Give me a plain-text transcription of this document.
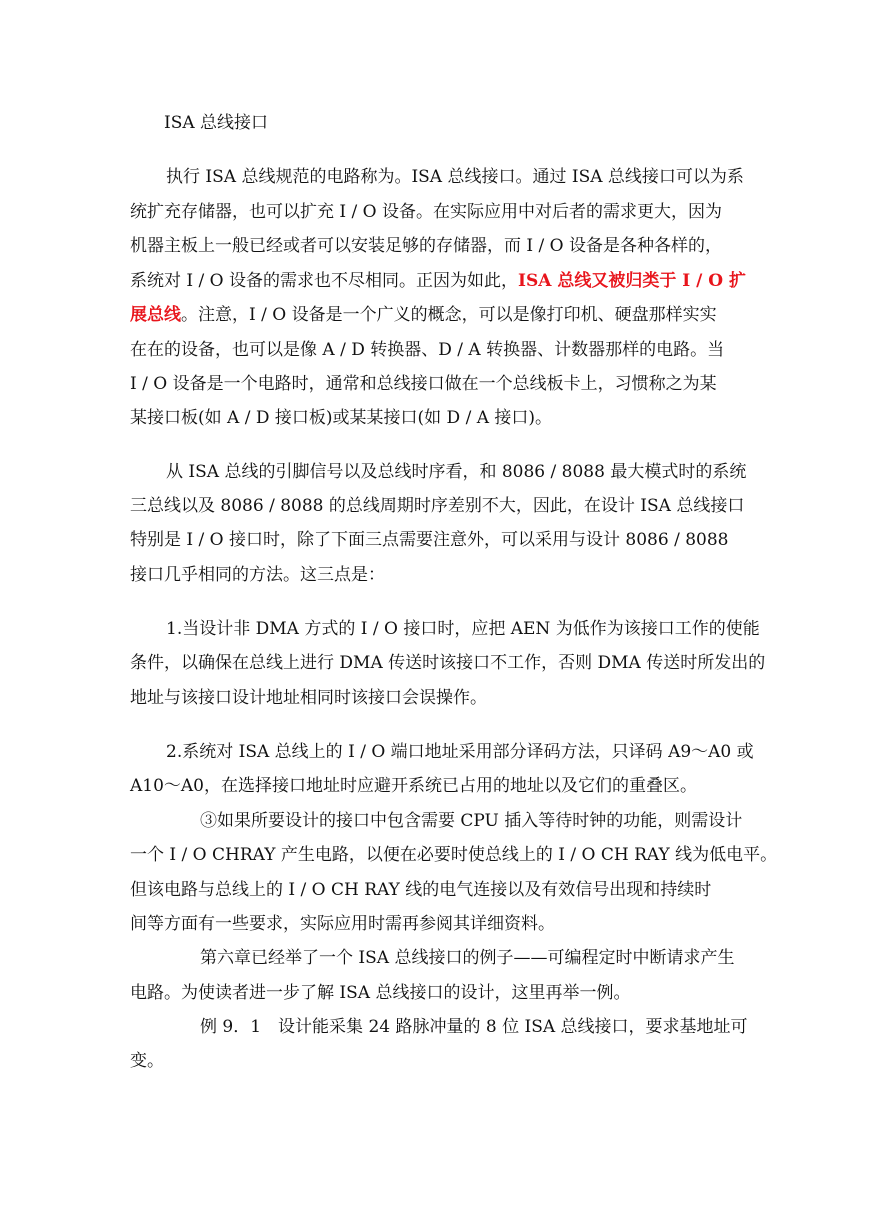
ISA 总线接口
执行 ISA 总线规范的电路称为。ISA 总线接口。通过 ISA 总线接口可以为系
统扩充存储器，也可以扩充 I / O 设备。在实际应用中对后者的需求更大，因为
机器主板上一般已经或者可以安装足够的存储器，而 I / O 设备是各种各样的，
系统对 I / O 设备的需求也不尽相同。正因为如此，ISA 总线又被归类于 I / O 扩
展总线。注意，I / O 设备是一个广义的概念，可以是像打印机、硬盘那样实实
在在的设备，也可以是像 A / D 转换器、D / A 转换器、计数器那样的电路。当
I / O 设备是一个电路时，通常和总线接口做在一个总线板卡上，习惯称之为某
某接口板(如 A / D 接口板)或某某接口(如 D / A 接口)。
从 ISA 总线的引脚信号以及总线时序看，和 8086 / 8088 最大模式时的系统
三总线以及 8086 / 8088 的总线周期时序差别不大，因此，在设计 ISA 总线接口
特别是 I / O 接口时，除了下面三点需要注意外，可以采用与设计 8086 / 8088
接口几乎相同的方法。这三点是：
1.当设计非 DMA 方式的 I / O 接口时，应把 AEN 为低作为该接口工作的使能
条件，以确保在总线上进行 DMA 传送时该接口不工作，否则 DMA 传送时所发出的
地址与该接口设计地址相同时该接口会误操作。
2.系统对 ISA 总线上的 I / O 端口地址采用部分译码方法，只译码 A9～A0 或
A10～A0，在选择接口地址时应避开系统已占用的地址以及它们的重叠区。
③如果所要设计的接口中包含需要 CPU 插入等待时钟的功能，则需设计
一个 I / O CHRAY 产生电路，以便在必要时使总线上的 I / O CH RAY 线为低电平。
但该电路与总线上的 I / O CH RAY 线的电气连接以及有效信号出现和持续时
间等方面有一些要求，实际应用时需再参阅其详细资料。
第六章已经举了一个 ISA 总线接口的例子——可编程定时中断请求产生
电路。为使读者进一步了解 ISA 总线接口的设计，这里再举一例。
例 9．1　设计能采集 24 路脉冲量的 8 位 ISA 总线接口，要求基地址可
变。
